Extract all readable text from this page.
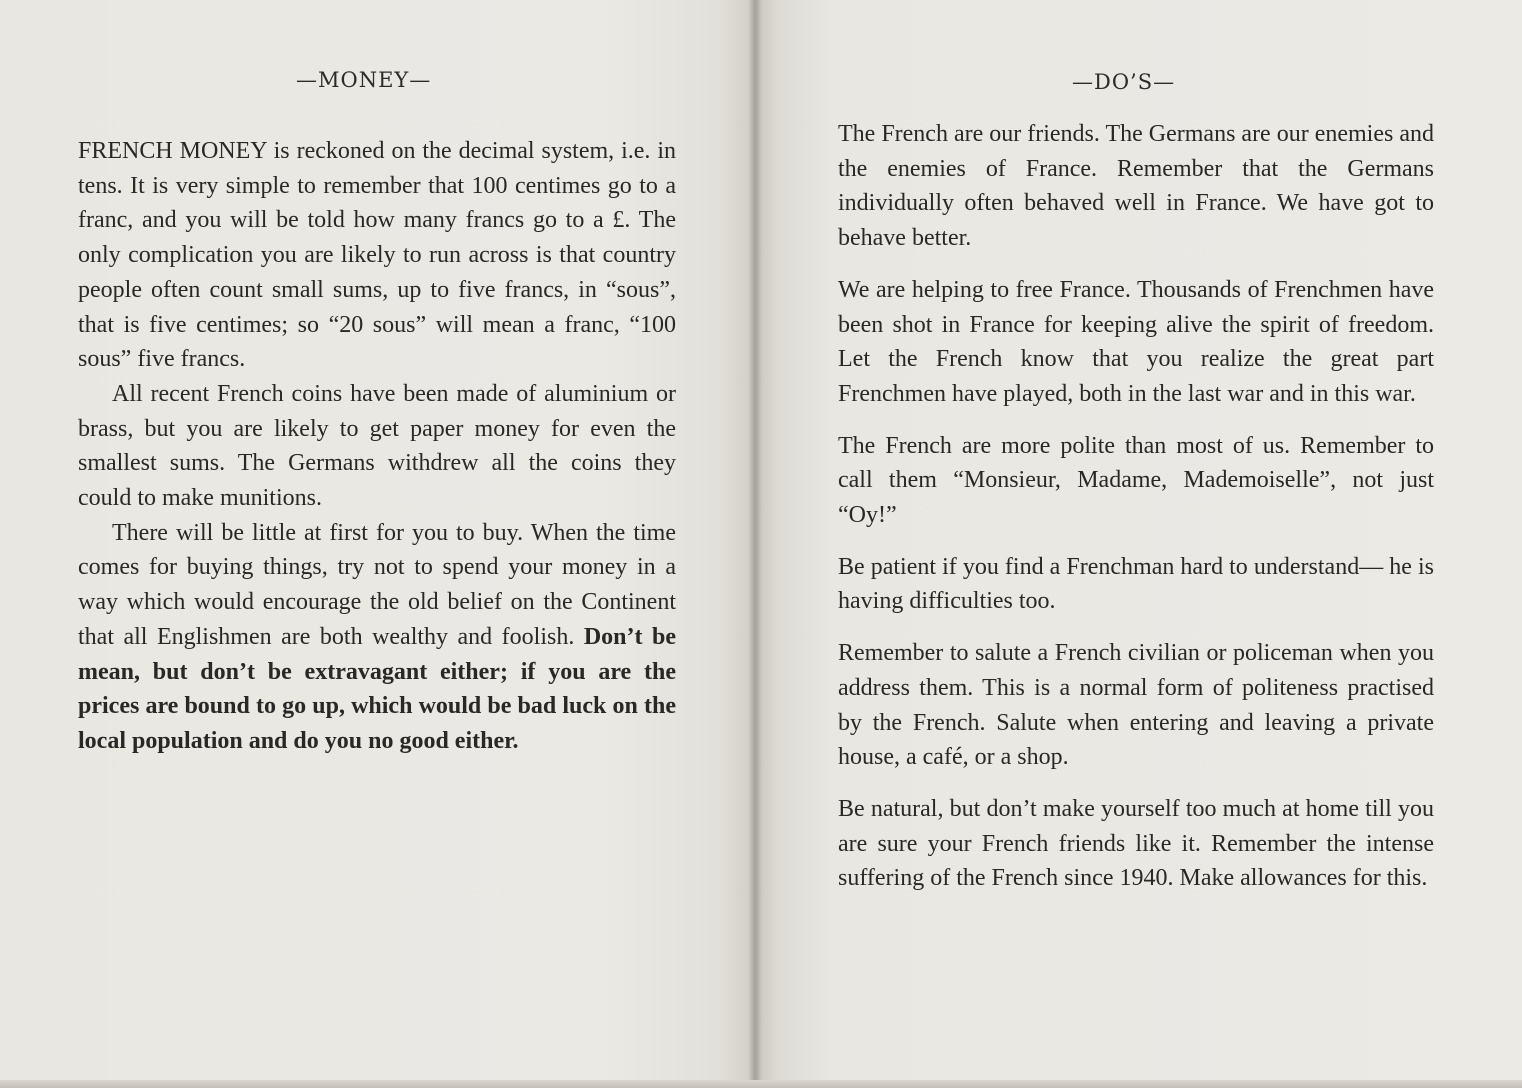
—MONEY—

FRENCH MONEY is reckoned on the decimal system, i.e. in tens. It is very simple to remember that 100 centimes go to a franc, and you will be told how many francs go to a £. The only complication you are likely to run across is that country people often count small sums, up to five francs, in “sous”, that is five centimes; so “20 sous” will mean a franc, “100 sous” five francs.

All recent French coins have been made of aluminium or brass, but you are likely to get paper money for even the smallest sums. The Germans withdrew all the coins they could to make munitions.

There will be little at first for you to buy. When the time comes for buying things, try not to spend your money in a way which would encourage the old belief on the Continent that all Englishmen are both wealthy and foolish. Don’t be mean, but don’t be extravagant either; if you are the prices are bound to go up, which would be bad luck on the local population and do you no good either.

—DO’S—

The French are our friends. The Germans are our enemies and the enemies of France. Remember that the Germans individually often behaved well in France. We have got to behave better.

We are helping to free France. Thousands of Frenchmen have been shot in France for keeping alive the spirit of freedom. Let the French know that you realize the great part Frenchmen have played, both in the last war and in this war.

The French are more polite than most of us. Remember to call them “Monsieur, Madame, Mademoiselle”, not just “Oy!”

Be patient if you find a Frenchman hard to understand— he is having difficulties too.

Remember to salute a French civilian or policeman when you address them. This is a normal form of politeness practised by the French. Salute when entering and leaving a private house, a café, or a shop.

Be natural, but don’t make yourself too much at home till you are sure your French friends like it. Remember the intense suffering of the French since 1940. Make allowances for this.
